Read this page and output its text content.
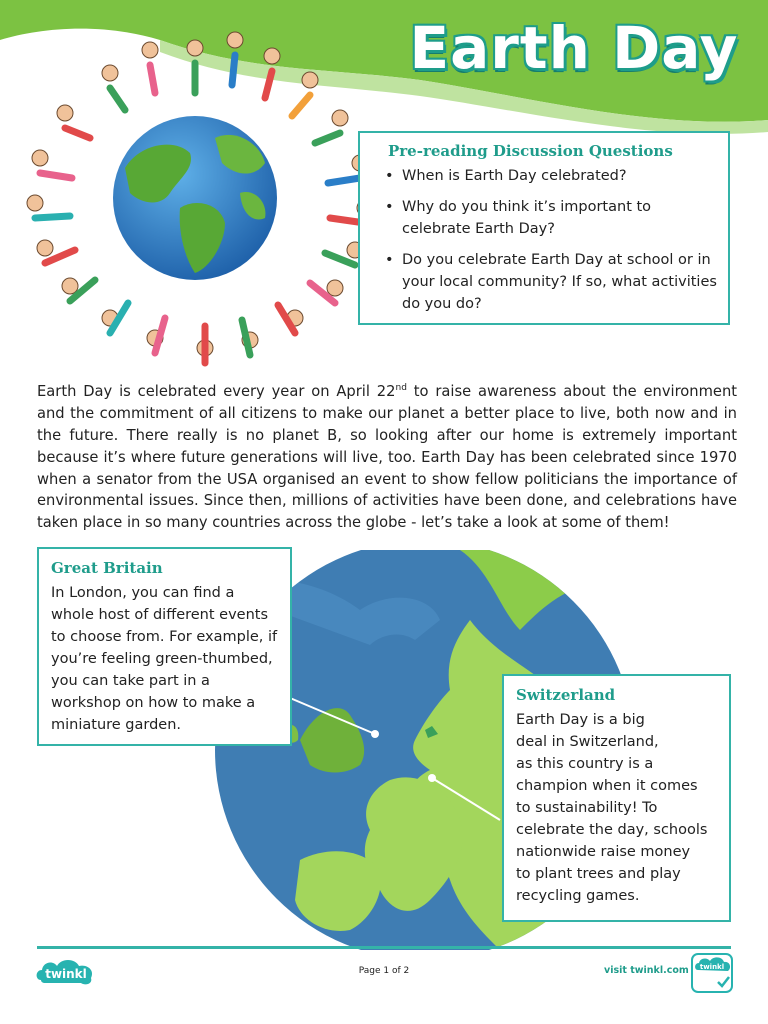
Earth Day
Pre-reading Discussion Questions
• When is Earth Day celebrated?
• Why do you think it’s important to celebrate Earth Day?
• Do you celebrate Earth Day at school or in your local community? If so, what activities do you do?
Earth Day is celebrated every year on April 22nd to raise awareness about the environment and the commitment of all citizens to make our planet a better place to live, both now and in the future. There really is no planet B, so looking after our home is extremely important because it’s where future generations will live, too. Earth Day has been celebrated since 1970 when a senator from the USA organised an event to show fellow politicians the importance of environmental issues. Since then, millions of activities have been done, and celebrations have taken place in so many countries across the globe - let’s take a look at some of them!
Great Britain
In London, you can find a
whole host of different events
to choose from. For example, if
you’re feeling green-thumbed,
you can take part in a
workshop on how to make a
miniature garden.
Switzerland
Earth Day is a big
deal in Switzerland,
as this country is a
champion when it comes
to sustainability! To
celebrate the day, schools
nationwide raise money
to plant trees and play
recycling games.
twinkl	Page 1 of 2	visit twinkl.com twinkl
